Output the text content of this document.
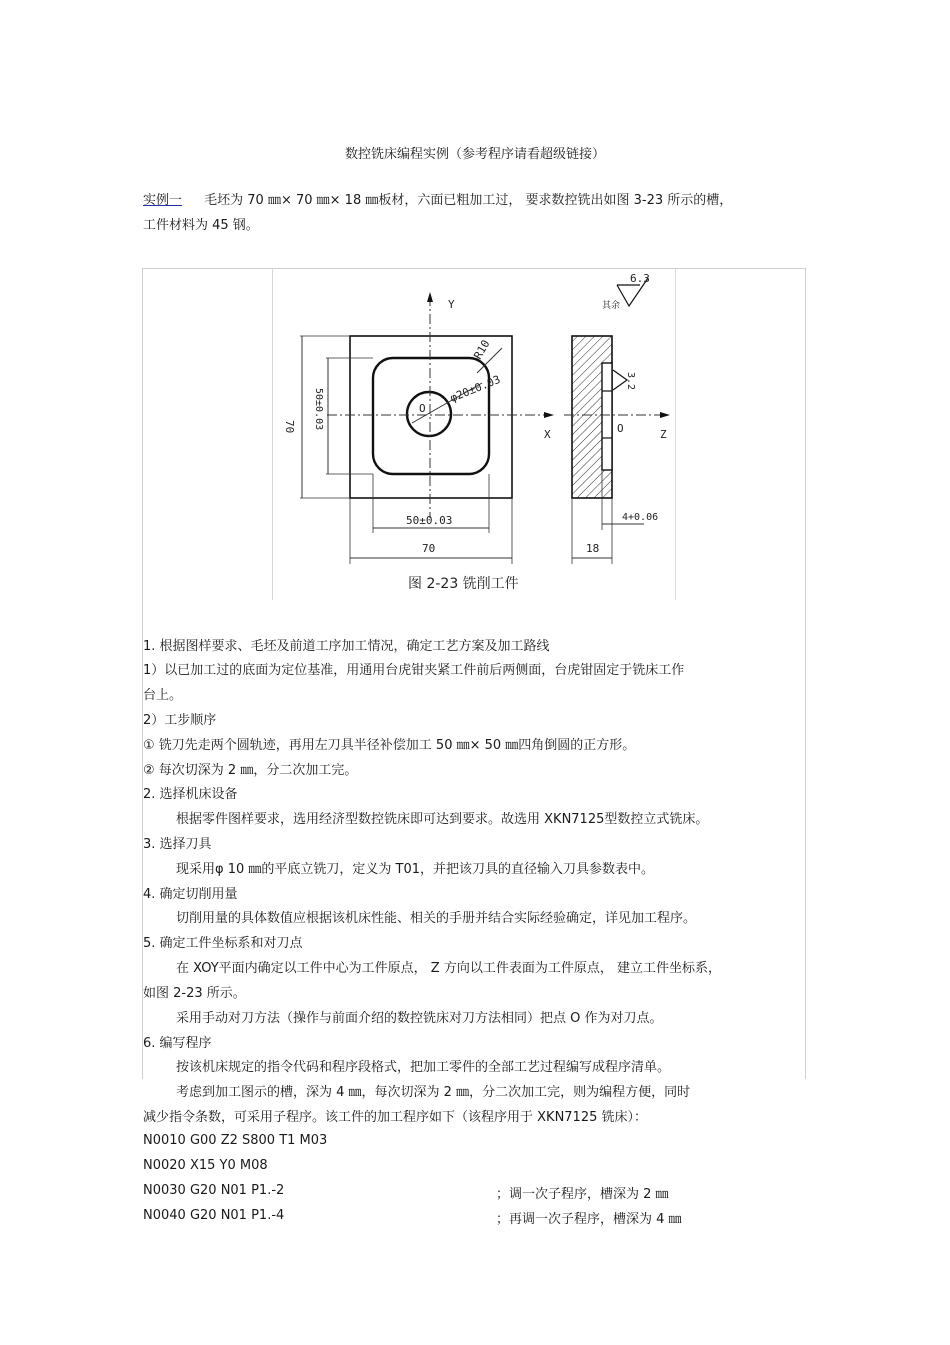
数控铣床编程实例（参考程序请看超级链接）
实例一 毛坯为 70 ㎜× 70 ㎜× 18 ㎜板材，六面已粗加工过， 要求数控铣出如图 3-23 所示的槽，
工件材料为 45 钢。
Y
X	Z
O
O
R10
φ20±0.03
70 50±0.03
50±0.03
70	18
4+0.06
6.3
其余
3.2
图 2-23 铣削工件
1. 根据图样要求、毛坯及前道工序加工情况，确定工艺方案及加工路线
1）以已加工过的底面为定位基准，用通用台虎钳夹紧工件前后两侧面，台虎钳固定于铣床工作
台上。
2）工步顺序
① 铣刀先走两个圆轨迹，再用左刀具半径补偿加工 50 ㎜× 50 ㎜四角倒圆的正方形。
② 每次切深为 2 ㎜，分二次加工完。
2. 选择机床设备
根据零件图样要求，选用经济型数控铣床即可达到要求。故选用 XKN7125型数控立式铣床。
3. 选择刀具
现采用φ 10 ㎜的平底立铣刀，定义为 T01，并把该刀具的直径输入刀具参数表中。
4. 确定切削用量
切削用量的具体数值应根据该机床性能、相关的手册并结合实际经验确定，详见加工程序。
5. 确定工件坐标系和对刀点
在 XOY平面内确定以工件中心为工件原点， Z 方向以工件表面为工件原点， 建立工件坐标系，
如图 2-23 所示。
采用手动对刀方法（操作与前面介绍的数控铣床对刀方法相同）把点 O 作为对刀点。
6. 编写程序
按该机床规定的指令代码和程序段格式，把加工零件的全部工艺过程编写成程序清单。
考虑到加工图示的槽，深为 4 ㎜，每次切深为 2 ㎜，分二次加工完，则为编程方便，同时
减少指令条数，可采用子程序。该工件的加工程序如下（该程序用于 XKN7125 铣床）：
N0010 G00 Z2 S800 T1 M03
N0020 X15 Y0 M08
N0030 G20 N01 P1.-2	；调一次子程序，槽深为 2 ㎜
N0040 G20 N01 P1.-4	；再调一次子程序，槽深为 4 ㎜
